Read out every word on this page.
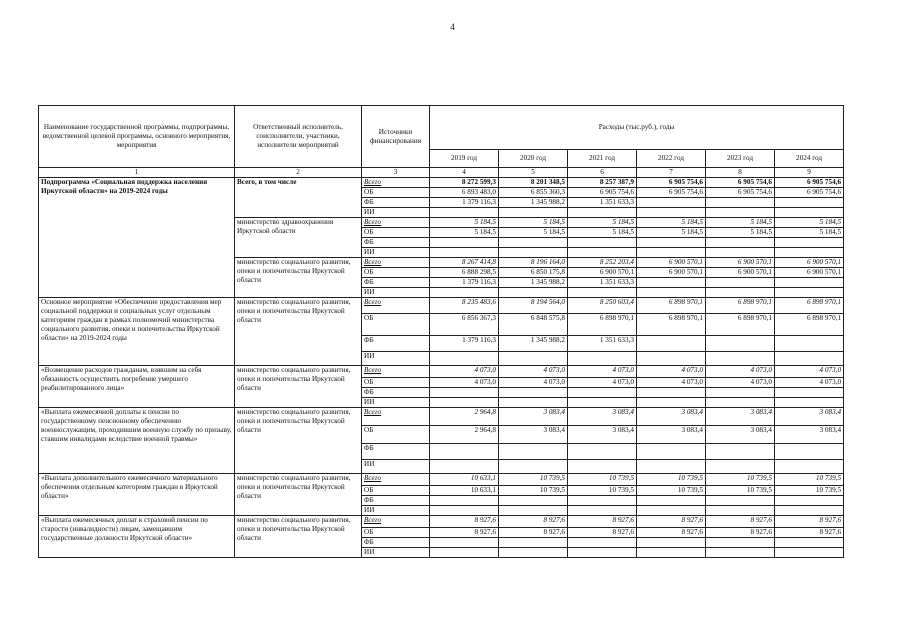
4
Наименование государственной программы, подпрограммы, ведомственной целевой программы, основного мероприятия, мероприятия	Ответственный исполнитель, соисполнители, участники, исполнители мероприятий	Источники финансирования	Расходы (тыс.руб.), годы					
			2019 год	2020 год	2021 год	2022 год	2023 год	2024 год
1	2	3	4	5	6	7	8	9
Подпрограмма «Социальная поддержка населения Иркутской области» на 2019-2024 годы	Всего, в том числе	Всего	8 272 599,3	8 201 348,5	8 257 387,9	6 905 754,6	6 905 754,6	6 905 754,6
		ОБ	6 893 483,0	6 855 360,3	6 905 754,6	6 905 754,6	6 905 754,6	6 905 754,6
		ФБ	1 379 116,3	1 345 988,2	1 351 633,3			
		ИИ						
	министерство здравоохранения Иркутской области	Всего	5 184,5	5 184,5	5 184,5	5 184,5	5 184,5	5 184,5
		ОБ	5 184,5	5 184,5	5 184,5	5 184,5	5 184,5	5 184,5
		ФБ						
		ИИ						
	министерство социального развития, опеки и попечительства Иркутской области	Всего	8 267 414,8	8 196 164,0	8 252 203,4	6 900 570,1	6 900 570,1	6 900 570,1
		ОБ	6 888 298,5	6 850 175,8	6 900 570,1	6 900 570,1	6 900 570,1	6 900 570,1
		ФБ	1 379 116,3	1 345 988,2	1 351 633,3			
		ИИ						
Основное мероприятие «Обеспечение предоставления мер социальной поддержки и социальных услуг отдельным категориям граждан в рамках полномочий министерства социального развития, опеки и попечительства Иркутской области» на 2019-2024 годы	министерство социального развития, опеки и попечительства Иркутской области	Всего	8 235 483,6	8 194 564,0	8 250 603,4	6 898 970,1	6 898 970,1	6 898 970,1
		ОБ	6 856 367,3	6 848 575,8	6 898 970,1	6 898 970,1	6 898 970,1	6 898 970,1
		ФБ	1 379 116,3	1 345 988,2	1 351 633,3			
		ИИ						
«Возмещение расходов гражданам, взявшим на себя обязанность осуществить погребение умершего реабилитированного лица»	министерство социального развития, опеки и попечительства Иркутской области	Всего	4 073,0	4 073,0	4 073,0	4 073,0	4 073,0	4 073,0
		ОБ	4 073,0	4 073,0	4 073,0	4 073,0	4 073,0	4 073,0
		ФБ						
		ИИ						
«Выплата ежемесячной доплаты к пенсии по государственному пенсионному обеспечению военнослужащим, проходившим военную службу по призыву, ставшим инвалидами вследствие военной травмы»	министерство социального развития, опеки и попечительства Иркутской области	Всего	2 964,8	3 083,4	3 083,4	3 083,4	3 083,4	3 083,4
		ОБ	2 964,8	3 083,4	3 083,4	3 083,4	3 083,4	3 083,4
		ФБ						
		ИИ						
«Выплата дополнительного ежемесячного материального обеспечения отдельным категориям граждан в Иркутской области»	министерство социального развития, опеки и попечительства Иркутской области	Всего	10 633,1	10 739,5	10 739,5	10 739,5	10 739,5	10 739,5
		ОБ	10 633,1	10 739,5	10 739,5	10 739,5	10 739,5	10 739,5
		ФБ						
		ИИ						
«Выплата ежемесячных доплат к страховой пенсии по старости (инвалидности) лицам, замещавшим государственные должности Иркутской области»	министерство социального развития, опеки и попечительства Иркутской области	Всего	8 927,6	8 927,6	8 927,6	8 927,6	8 927,6	8 927,6
		ОБ	8 927,6	8 927,6	8 927,6	8 927,6	8 927,6	8 927,6
		ФБ						
		ИИ						
